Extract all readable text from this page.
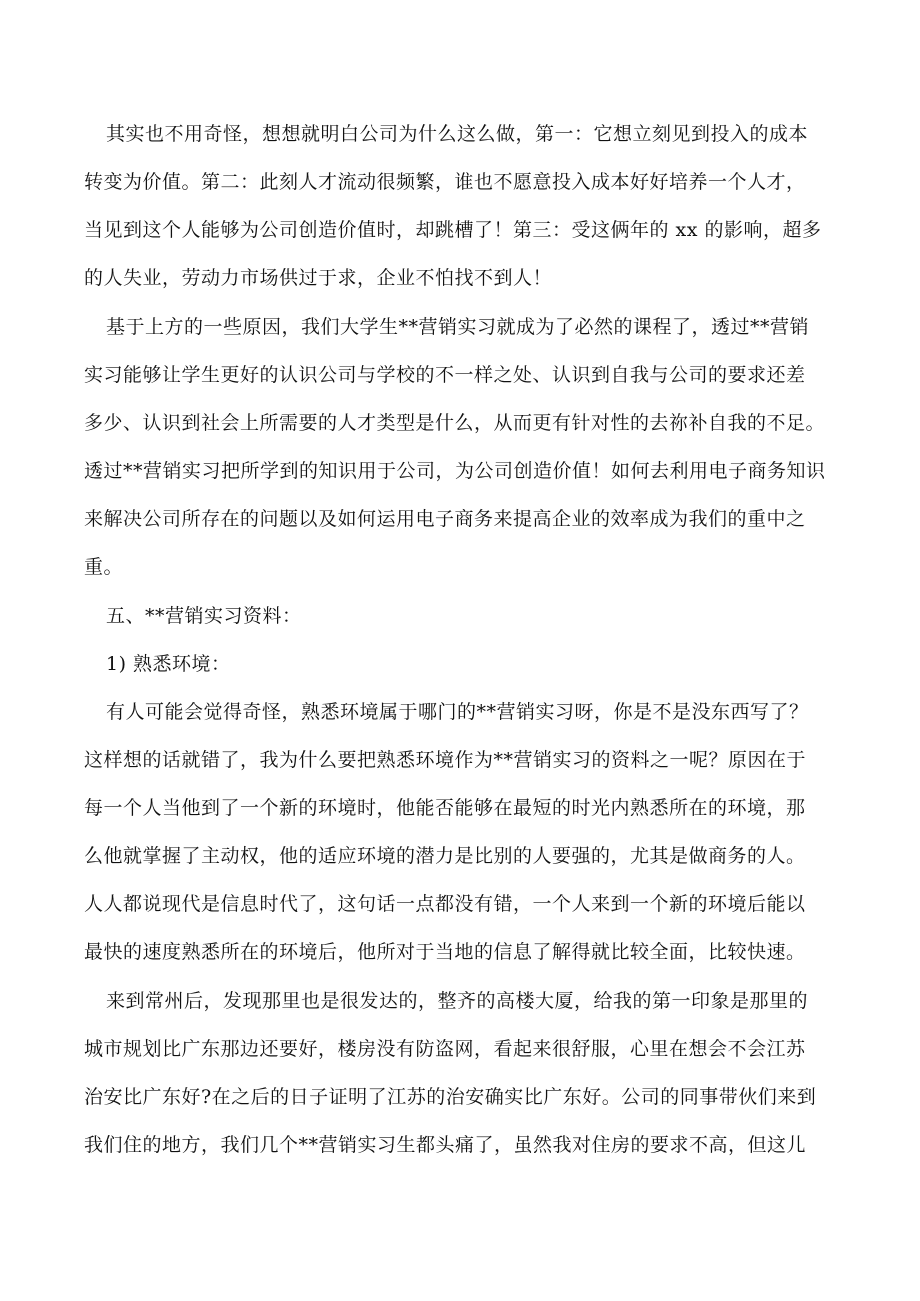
其实也不用奇怪，想想就明白公司为什么这么做，第一：它想立刻见到投入的成本
转变为价值。第二：此刻人才流动很频繁，谁也不愿意投入成本好好培养一个人才，
当见到这个人能够为公司创造价值时，却跳槽了！第三：受这俩年的 xx 的影响，超多
的人失业，劳动力市场供过于求，企业不怕找不到人！
基于上方的一些原因，我们大学生**营销实习就成为了必然的课程了，透过**营销
实习能够让学生更好的认识公司与学校的不一样之处、认识到自我与公司的要求还差
多少、认识到社会上所需要的人才类型是什么，从而更有针对性的去祢补自我的不足。
透过**营销实习把所学到的知识用于公司，为公司创造价值！如何去利用电子商务知识
来解决公司所存在的问题以及如何运用电子商务来提高企业的效率成为我们的重中之
重。
五、**营销实习资料：
1) 熟悉环境：
有人可能会觉得奇怪，熟悉环境属于哪门的**营销实习呀，你是不是没东西写了？
这样想的话就错了，我为什么要把熟悉环境作为**营销实习的资料之一呢？原因在于
每一个人当他到了一个新的环境时，他能否能够在最短的时光内熟悉所在的环境，那
么他就掌握了主动权，他的适应环境的潜力是比别的人要强的，尤其是做商务的人。
人人都说现代是信息时代了，这句话一点都没有错，一个人来到一个新的环境后能以
最快的速度熟悉所在的环境后，他所对于当地的信息了解得就比较全面，比较快速。
来到常州后，发现那里也是很发达的，整齐的高楼大厦，给我的第一印象是那里的
城市规划比广东那边还要好，楼房没有防盗网，看起来很舒服，心里在想会不会江苏
治安比广东好?在之后的日子证明了江苏的治安确实比广东好。公司的同事带伙们来到
我们住的地方，我们几个**营销实习生都头痛了，虽然我对住房的要求不高，但这儿
